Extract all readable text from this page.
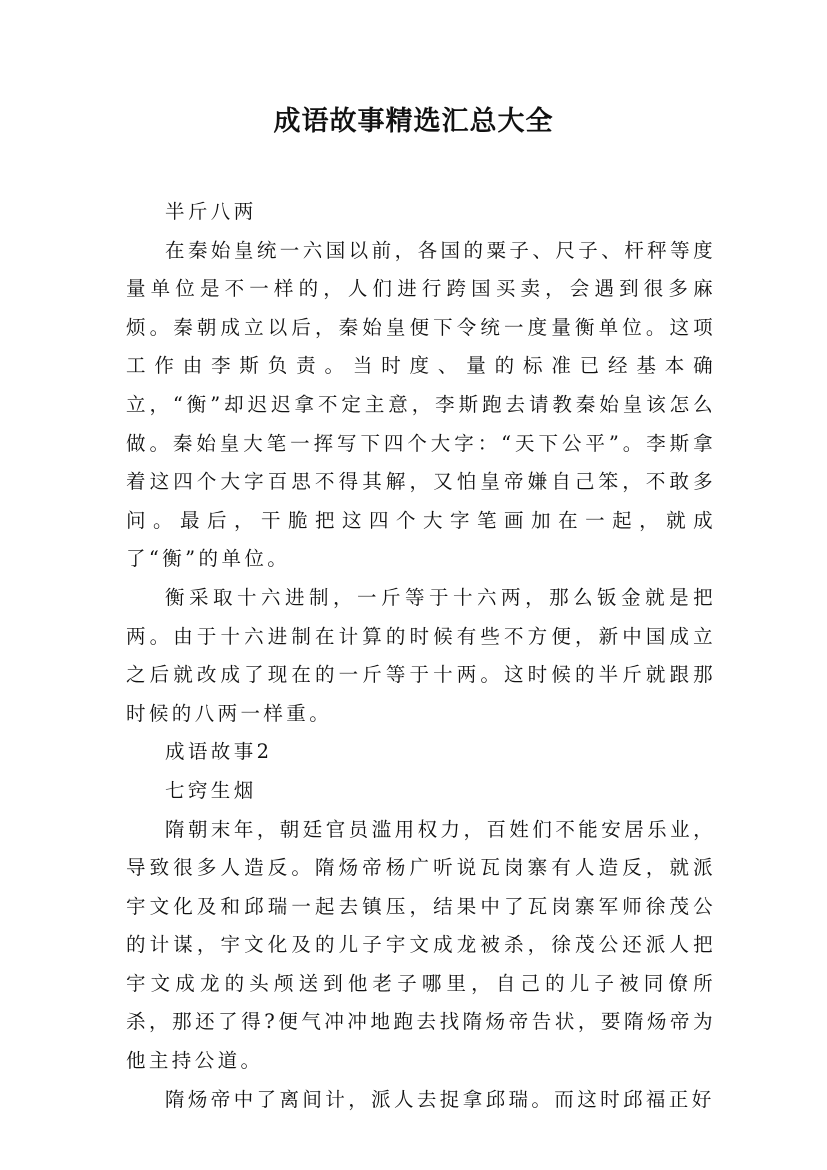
成语故事精选汇总大全

半斤八两

在秦始皇统一六国以前，各国的粟子、尺子、杆秤等度量单位是不一样的，人们进行跨国买卖，会遇到很多麻烦。秦朝成立以后，秦始皇便下令统一度量衡单位。这项工作由李斯负责。当时度、量的标准已经基本确立，“衡”却迟迟拿不定主意，李斯跑去请教秦始皇该怎么做。秦始皇大笔一挥写下四个大字：“天下公平”。李斯拿着这四个大字百思不得其解，又怕皇帝嫌自己笨，不敢多问。最后，干脆把这四个大字笔画加在一起，就成了“衡”的单位。

衡采取十六进制，一斤等于十六两，那么钣金就是把两。由于十六进制在计算的时候有些不方便，新中国成立之后就改成了现在的一斤等于十两。这时候的半斤就跟那时候的八两一样重。

成语故事2

七窍生烟

隋朝末年，朝廷官员滥用权力，百姓们不能安居乐业，导致很多人造反。隋炀帝杨广听说瓦岗寨有人造反，就派宇文化及和邱瑞一起去镇压，结果中了瓦岗寨军师徐茂公的计谋，宇文化及的儿子宇文成龙被杀，徐茂公还派人把宇文成龙的头颅送到他老子哪里，自己的儿子被同僚所杀，那还了得?便气冲冲地跑去找隋炀帝告状，要隋炀帝为他主持公道。

隋炀帝中了离间计，派人去捉拿邱瑞。而这时邱福正好
